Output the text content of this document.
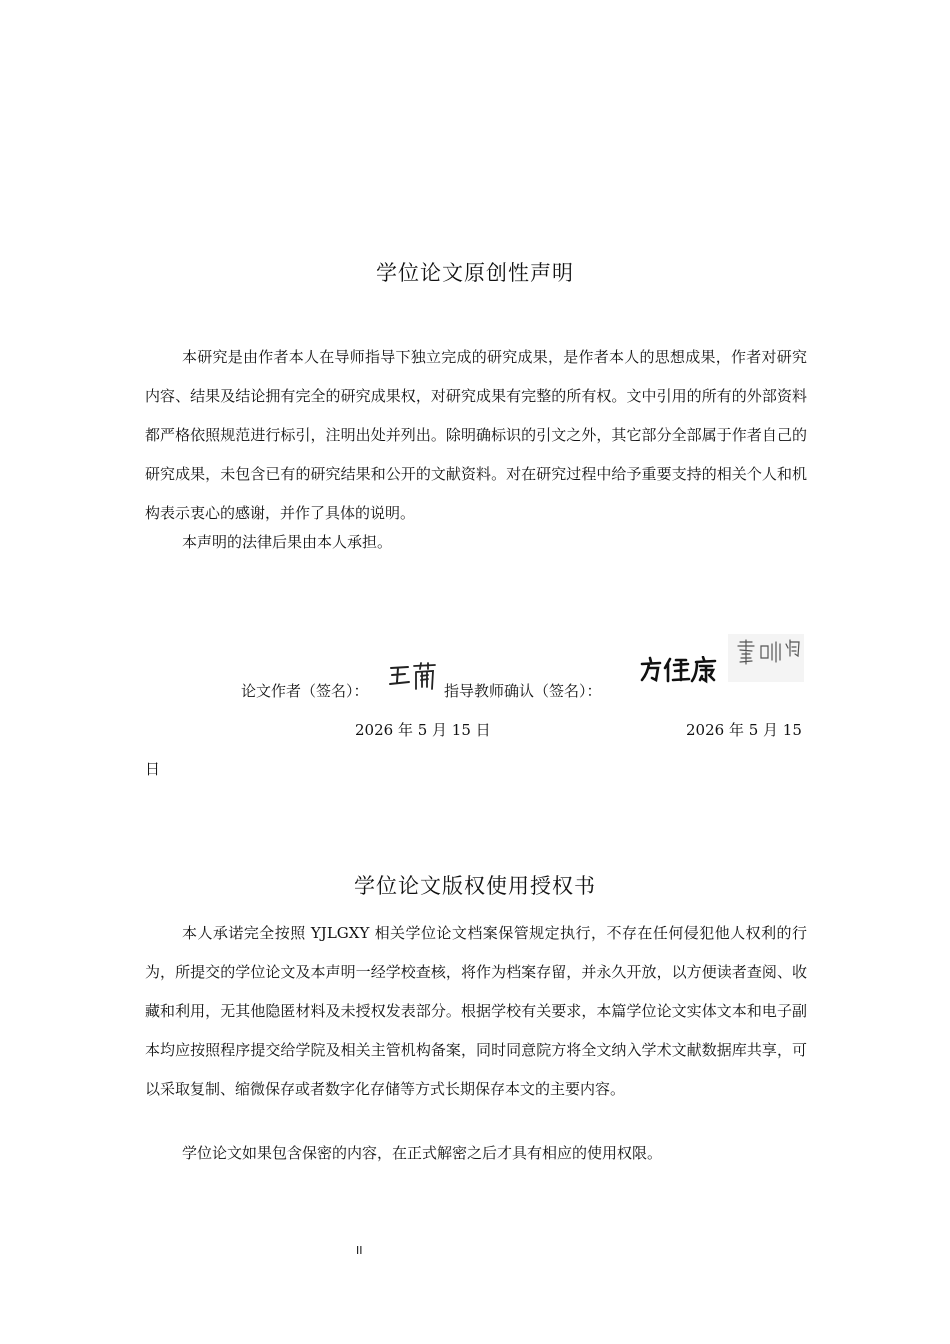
学位论文原创性声明

本研究是由作者本人在导师指导下独立完成的研究成果，是作者本人的思想成果，作者对研究内容、结果及结论拥有完全的研究成果权，对研究成果有完整的所有权。文中引用的所有的外部资料都严格依照规范进行标引，注明出处并列出。除明确标识的引文之外，其它部分全部属于作者自己的研究成果，未包含已有的研究结果和公开的文献资料。对在研究过程中给予重要支持的相关个人和机构表示衷心的感谢，并作了具体的说明。

本声明的法律后果由本人承担。

论文作者（签名）：	指导教师确认（签名）：
2026 年 5 月 15 日	2026 年 5 月 15
日
学位论文版权使用授权书

本人承诺完全按照 YJLGXY 相关学位论文档案保管规定执行，不存在任何侵犯他人权利的行为，所提交的学位论文及本声明一经学校查核，将作为档案存留，并永久开放，以方便读者查阅、收藏和利用，无其他隐匿材料及未授权发表部分。根据学校有关要求，本篇学位论文实体文本和电子副本均应按照程序提交给学院及相关主管机构备案，同时同意院方将全文纳入学术文献数据库共享，可以采取复制、缩微保存或者数字化存储等方式长期保存本文的主要内容。

学位论文如果包含保密的内容，在正式解密之后才具有相应的使用权限。

II
